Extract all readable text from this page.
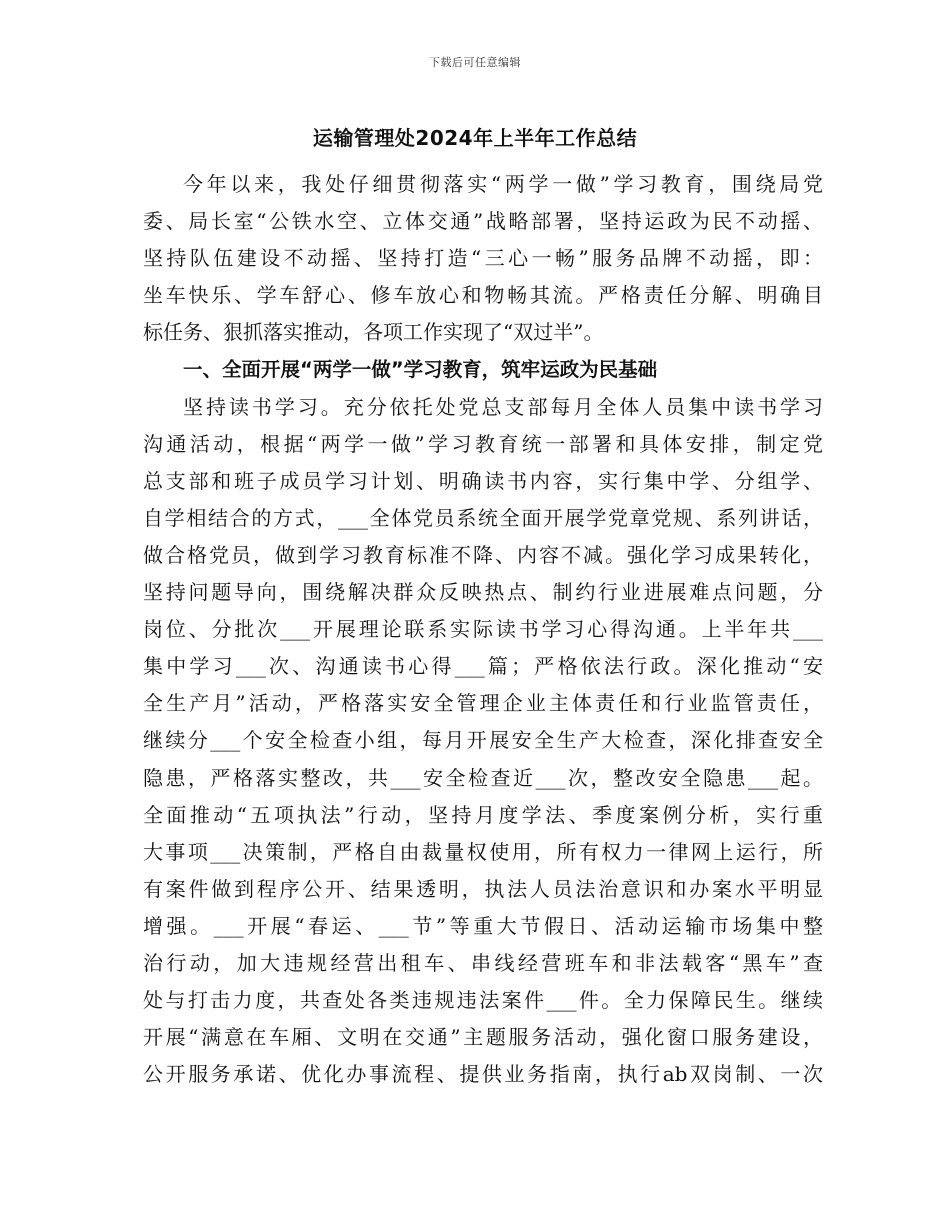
下载后可任意编辑
运输管理处2024年上半年工作总结
今年以来，我处仔细贯彻落实“两学一做”学习教育，围绕局党
委、局长室“公铁水空、立体交通”战略部署，坚持运政为民不动摇、
坚持队伍建设不动摇、坚持打造“三心一畅”服务品牌不动摇，即：
坐车快乐、学车舒心、修车放心和物畅其流。严格责任分解、明确目
标任务、狠抓落实推动，各项工作实现了“双过半”。
一、全面开展“两学一做”学习教育，筑牢运政为民基础
坚持读书学习。充分依托处党总支部每月全体人员集中读书学习
沟通活动，根据“两学一做”学习教育统一部署和具体安排，制定党
总支部和班子成员学习计划、明确读书内容，实行集中学、分组学、
自学相结合的方式，___全体党员系统全面开展学党章党规、系列讲话，
做合格党员，做到学习教育标准不降、内容不减。强化学习成果转化，
坚持问题导向，围绕解决群众反映热点、制约行业进展难点问题，分
岗位、分批次___开展理论联系实际读书学习心得沟通。上半年共___
集中学习___次、沟通读书心得___篇；严格依法行政。深化推动“安
全生产月”活动，严格落实安全管理企业主体责任和行业监管责任，
继续分___个安全检查小组，每月开展安全生产大检查，深化排查安全
隐患，严格落实整改，共___安全检查近___次，整改安全隐患___起。
全面推动“五项执法”行动，坚持月度学法、季度案例分析，实行重
大事项___决策制，严格自由裁量权使用，所有权力一律网上运行，所
有案件做到程序公开、结果透明，执法人员法治意识和办案水平明显
增强。___开展“春运、___节”等重大节假日、活动运输市场集中整
治行动，加大违规经营出租车、串线经营班车和非法载客“黑车”查
处与打击力度，共查处各类违规违法案件___件。全力保障民生。继续
开展“满意在车厢、文明在交通”主题服务活动，强化窗口服务建设，
公开服务承诺、优化办事流程、提供业务指南，执行ab双岗制、一次
